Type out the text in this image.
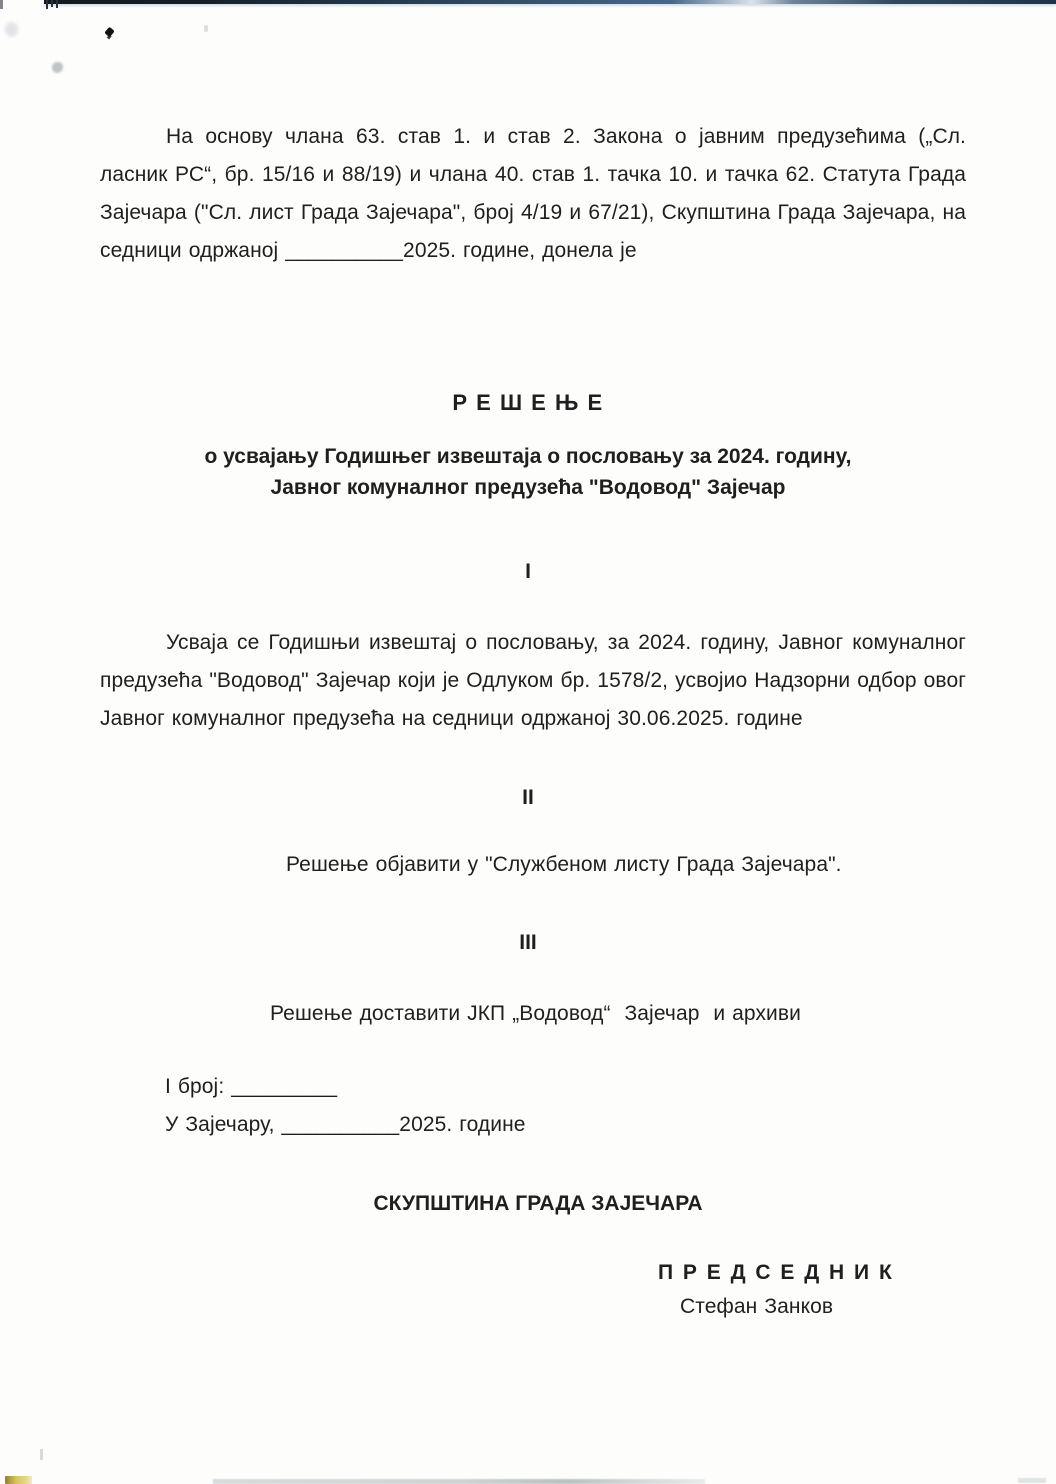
На основу члана 63. став 1. и став 2. Закона о јавним предузећима („Сл. ласник РС“, бр. 15/16 и 88/19) и члана 40. став 1. тачка 10. и тачка 62. Статута Града Зајечара ("Сл. лист Града Зајечара", број 4/19 и 67/21), Скупштина Града Зајечара, на седници одржаној __________2025. године, донела је

Р Е Ш Е Њ Е
о усвајању Годишњег извештаја о пословању за 2024. годину,
Јавног комуналног предузећа "Водовод" Зајечар
I

Усваја се Годишњи извештај о пословању, за 2024. годину, Јавног комуналног предузећа "Водовод" Зајечар који је Одлуком бр. 1578/2, усвојио Надзорни одбор овог Јавног комуналног предузећа на седници одржаној 30.06.2025. године

II

Решење објавити у "Службеном листу Града Зајечара".

III

Решење доставити ЈКП „Водовод“  Зајечар  и архиви

I број: _________

У Зајечару, __________2025. године

СКУПШТИНА ГРАДА ЗАЈЕЧАРА
П Р Е Д С Е Д Н И К
Стефан Занков
